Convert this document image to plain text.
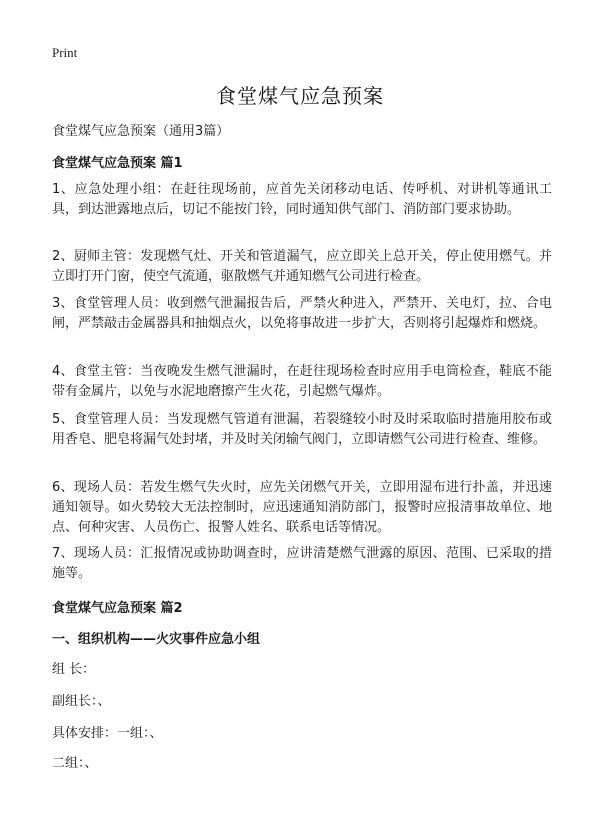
Print
食堂煤气应急预案
食堂煤气应急预案（通用3篇）
食堂煤气应急预案 篇1
1、应急处理小组：在赶往现场前，应首先关闭移动电话、传呼机、对讲机等通讯工具，到达泄露地点后，切记不能按门铃，同时通知供气部门、消防部门要求协助。
2、厨师主管：发现燃气灶、开关和管道漏气，应立即关上总开关，停止使用燃气。并立即打开门窗，使空气流通，驱散燃气并通知燃气公司进行检查。
3、食堂管理人员：收到燃气泄漏报告后，严禁火种进入，严禁开、关电灯，拉、合电闸，严禁敲击金属器具和抽烟点火，以免将事故进一步扩大，否则将引起爆炸和燃烧。
4、食堂主管：当夜晚发生燃气泄漏时，在赶往现场检查时应用手电筒检查，鞋底不能带有金属片，以免与水泥地磨擦产生火花，引起燃气爆炸。
5、食堂管理人员：当发现燃气管道有泄漏，若裂缝较小时及时采取临时措施用胶布或用香皂、肥皂将漏气处封堵，并及时关闭输气阀门，立即请燃气公司进行检查、维修。
6、现场人员：若发生燃气失火时，应先关闭燃气开关，立即用湿布进行扑盖，并迅速通知领导。如火势较大无法控制时，应迅速通知消防部门，报警时应报清事故单位、地点、何种灾害、人员伤亡、报警人姓名、联系电话等情况。
7、现场人员：汇报情况或协助调查时，应讲清楚燃气泄露的原因、范围、已采取的措施等。
食堂煤气应急预案 篇2
一、组织机构——火灾事件应急小组
组 长：
副组长：、
具体安排：一组：、
二组：、
